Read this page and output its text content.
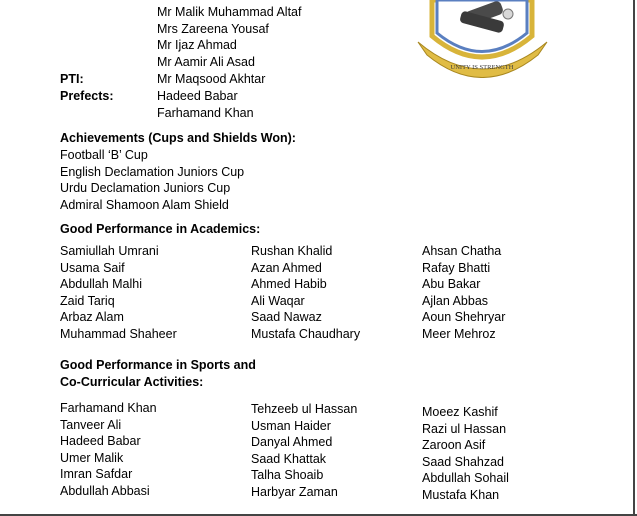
Mr Malik Muhammad Altaf
Mrs Zareena Yousaf
Mr Ijaz Ahmad
Mr Aamir Ali Asad
PTI:	Mr Maqsood Akhtar
Prefects:	Hadeed Babar
Farhamand Khan
UNITY IS STRENGTH
Achievements (Cups and Shields Won):
Football ‘B’ Cup
English Declamation Juniors Cup
Urdu Declamation Juniors Cup
Admiral Shamoon Alam Shield
Good Performance in Academics:
Samiullah Umrani
Usama Saif
Abdullah Malhi
Zaid Tariq
Arbaz Alam
Muhammad Shaheer
Rushan Khalid
Azan Ahmed
Ahmed Habib
Ali Waqar
Saad Nawaz
Mustafa Chaudhary
Ahsan Chatha
Rafay Bhatti
Abu Bakar
Ajlan Abbas
Aoun Shehryar
Meer Mehroz
Good Performance in Sports and
Co-Curricular Activities:
Farhamand Khan
Tanveer Ali
Hadeed Babar
Umer Malik
Imran Safdar
Abdullah Abbasi
Tehzeeb ul Hassan
Usman Haider
Danyal Ahmed
Saad Khattak
Talha Shoaib
Harbyar Zaman
Moeez Kashif
Razi ul Hassan
Zaroon Asif
Saad Shahzad
Abdullah Sohail
Mustafa Khan
